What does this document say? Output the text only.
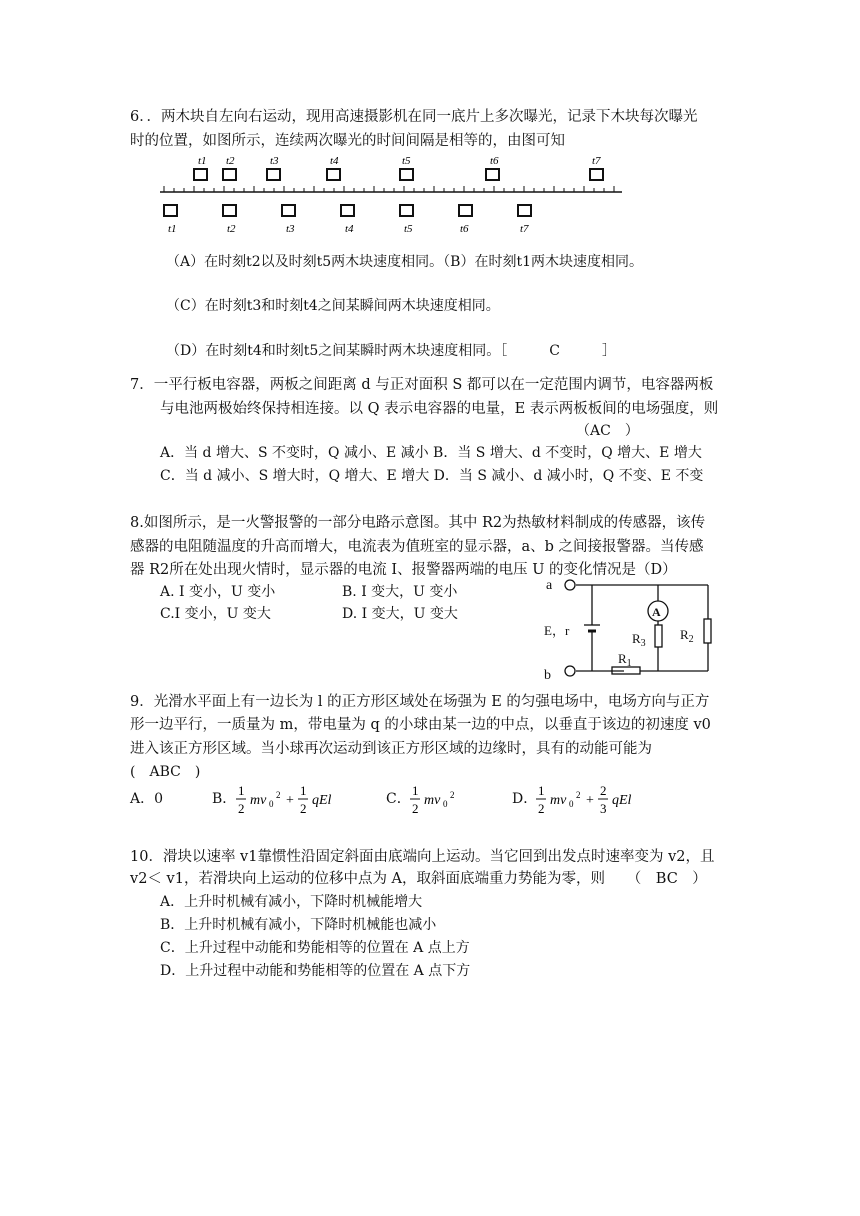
6．．两木块自左向右运动，现用高速摄影机在同一底片上多次曝光，记录下木块每次曝光
时的位置，如图所示，连续两次曝光的时间间隔是相等的，由图可知
t1 t2	t3	t4	t5	t6	t7
t1	t2	t3	t4	t5	t6	t7
（A）在时刻t2以及时刻t5两木块速度相同。（B）在时刻t1两木块速度相同。
（C）在时刻t3和时刻t4之间某瞬间两木块速度相同。
（D）在时刻t4和时刻t5之间某瞬时两木块速度相同。［　　　C　　　］
7．一平行板电容器，两板之间距离 d 与正对面积 S 都可以在一定范围内调节，电容器两板
与电池两极始终保持相连接。以 Q 表示电容器的电量，E 表示两板板间的电场强度，则
（AC　）
A．当 d 增大、S 不变时，Q 减小、E 减小 B．当 S 增大、d 不变时，Q 增大、E 增大
C．当 d 减小、S 增大时，Q 增大、E 增大 D．当 S 减小、d 减小时，Q 不变、E 不变
8.如图所示，是一火警报警的一部分电路示意图。其中 R2为热敏材料制成的传感器，该传
感器的电阻随温度的升高而增大，电流表为值班室的显示器，a、b 之间接报警器。当传感
器 R2所在处出现火情时，显示器的电流 I、报警器两端的电压 U 的变化情况是（D）
A. I 变小，U 变小	B. I 变大，U 变小
C.I 变小，U 变大	D. I 变大，U 变大
a
b
E，r
A
$R_3$
$R_2$
$R_1$
9．光滑水平面上有一边长为 l 的正方形区域处在场强为 E 的匀强电场中，电场方向与正方
形一边平行，一质量为 m，带电量为 q 的小球由某一边的中点，以垂直于该边的初速度 v0
进入该正方形区域。当小球再次运动到该正方形区域的边缘时，具有的动能可能为
(　ABC　)
A．0	B．
1
2
mv 0
2 +
1
2
qEl	C．
1
2
mv 0
2	D．
1
2
mv 0
2 +
2
3
qEl
10．滑块以速率 v1靠惯性沿固定斜面由底端向上运动。当它回到出发点时速率变为 v2，且
v2＜ v1，若滑块向上运动的位移中点为 A，取斜面底端重力势能为零，则　　（　BC　）
A．上升时机械有减小，下降时机械能增大
B．上升时机械有减小，下降时机械能也减小
C．上升过程中动能和势能相等的位置在 A 点上方
D．上升过程中动能和势能相等的位置在 A 点下方
